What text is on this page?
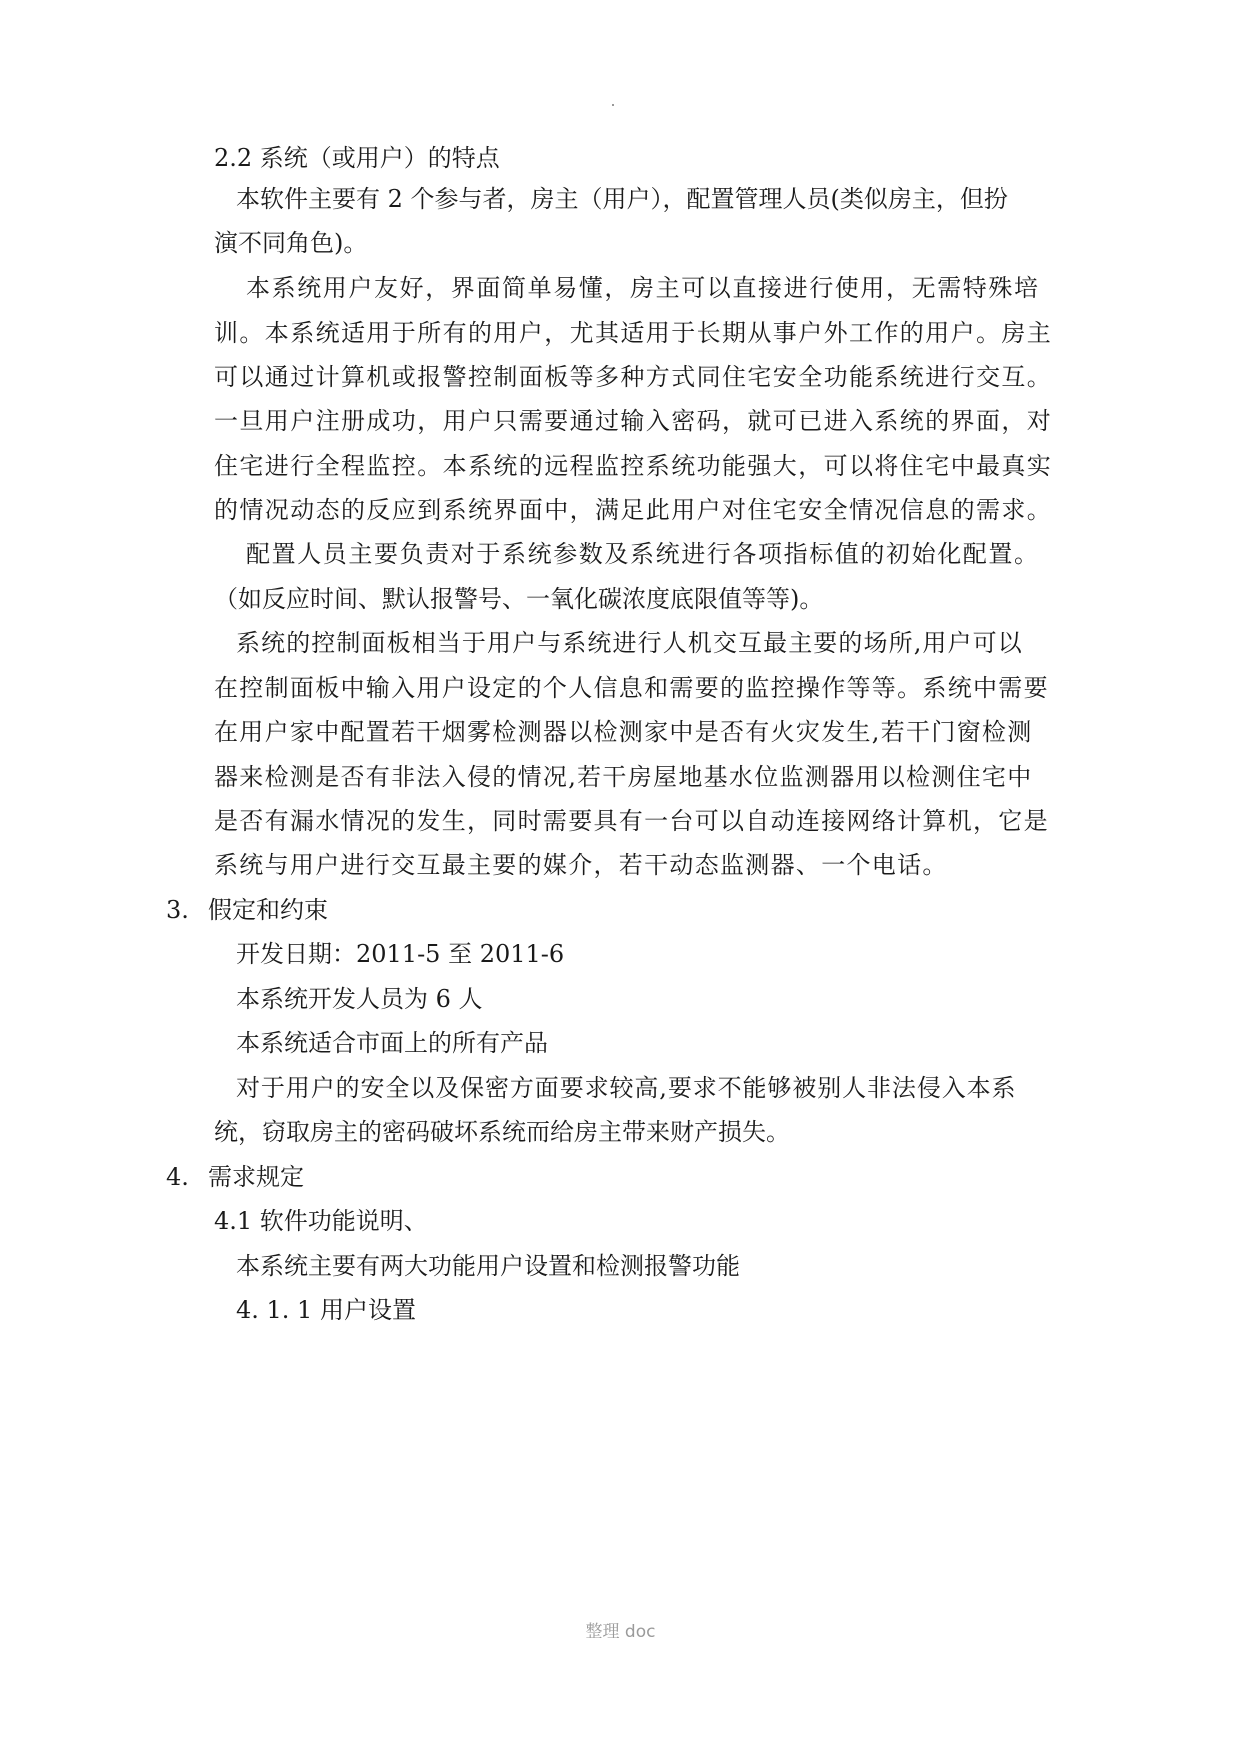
2.2 系统（或用户）的特点
本软件主要有 2 个参与者，房主（用户），配置管理人员(类似房主，但扮
演不同角色)。
本系统用户友好，界面简单易懂，房主可以直接进行使用，无需特殊培
训。本系统适用于所有的用户，尤其适用于长期从事户外工作的用户。房主
可以通过计算机或报警控制面板等多种方式同住宅安全功能系统进行交互。
一旦用户注册成功，用户只需要通过输入密码，就可已进入系统的界面，对
住宅进行全程监控。本系统的远程监控系统功能强大，可以将住宅中最真实
的情况动态的反应到系统界面中，满足此用户对住宅安全情况信息的需求。
配置人员主要负责对于系统参数及系统进行各项指标值的初始化配置。
（如反应时间、默认报警号、一氧化碳浓度底限值等等)。
系统的控制面板相当于用户与系统进行人机交互最主要的场所,用户可以
在控制面板中输入用户设定的个人信息和需要的监控操作等等。系统中需要
在用户家中配置若干烟雾检测器以检测家中是否有火灾发生,若干门窗检测
器来检测是否有非法入侵的情况,若干房屋地基水位监测器用以检测住宅中
是否有漏水情况的发生，同时需要具有一台可以自动连接网络计算机，它是
系统与用户进行交互最主要的媒介，若干动态监测器、一个电话。
3. 假定和约束
开发日期：2011-5 至 2011-6
本系统开发人员为 6 人
本系统适合市面上的所有产品
对于用户的安全以及保密方面要求较高,要求不能够被别人非法侵入本系
统，窃取房主的密码破坏系统而给房主带来财产损失。
4. 需求规定
4.1 软件功能说明、
本系统主要有两大功能用户设置和检测报警功能
4. 1. 1 用户设置
整理 doc
